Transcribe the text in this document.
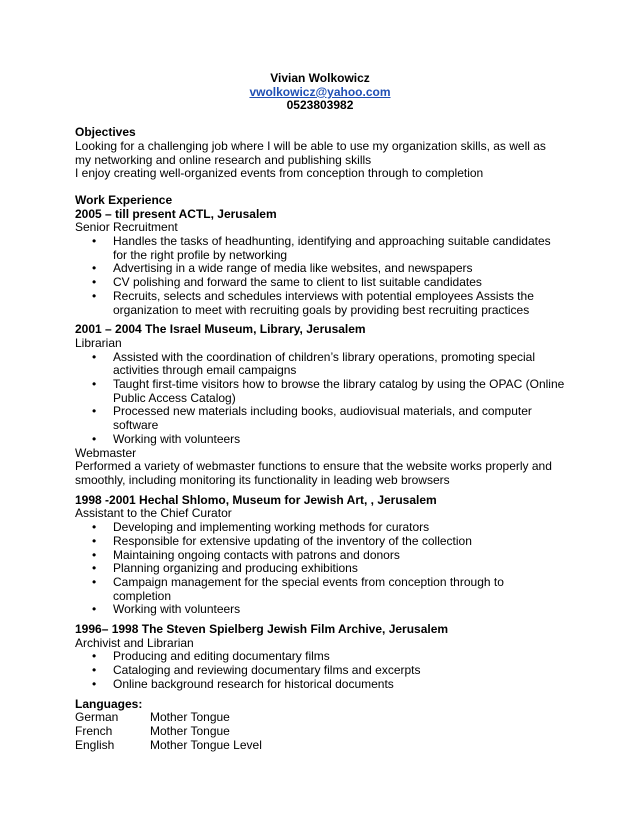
Vivian Wolkowicz
vwolkowicz@yahoo.com
0523803982
Objectives
Looking for a challenging job where I will be able to use my organization skills, as well as my networking and online research and publishing skills
I enjoy creating well-organized events from conception through to completion
Work Experience
2005 – till present ACTL, Jerusalem
Senior Recruitment
• Handles the tasks of headhunting, identifying and approaching suitable candidates for the right profile by networking
• Advertising in a wide range of media like websites, and newspapers
• CV polishing and forward the same to client to list suitable candidates
• Recruits, selects and schedules interviews with potential employees Assists the organization to meet with recruiting goals by providing best recruiting practices
2001 – 2004 The Israel Museum, Library, Jerusalem
Librarian
• Assisted with the coordination of children’s library operations, promoting special activities through email campaigns
• Taught first-time visitors how to browse the library catalog by using the OPAC (Online Public Access Catalog)
• Processed new materials including books, audiovisual materials, and computer software
• Working with volunteers
Webmaster
Performed a variety of webmaster functions to ensure that the website works properly and smoothly, including monitoring its functionality in leading web browsers
1998 -2001 Hechal Shlomo, Museum for Jewish Art, , Jerusalem
Assistant to the Chief Curator
• Developing and implementing working methods for curators
• Responsible for extensive updating of the inventory of the collection
• Maintaining ongoing contacts with patrons and donors
• Planning organizing and producing exhibitions
• Campaign management for the special events from conception through to completion
• Working with volunteers
1996– 1998 The Steven Spielberg Jewish Film Archive, Jerusalem
Archivist and Librarian
• Producing and editing documentary films
• Cataloging and reviewing documentary films and excerpts
• Online background research for historical documents
Languages:
German	Mother Tongue
French	Mother Tongue
English	Mother Tongue Level
